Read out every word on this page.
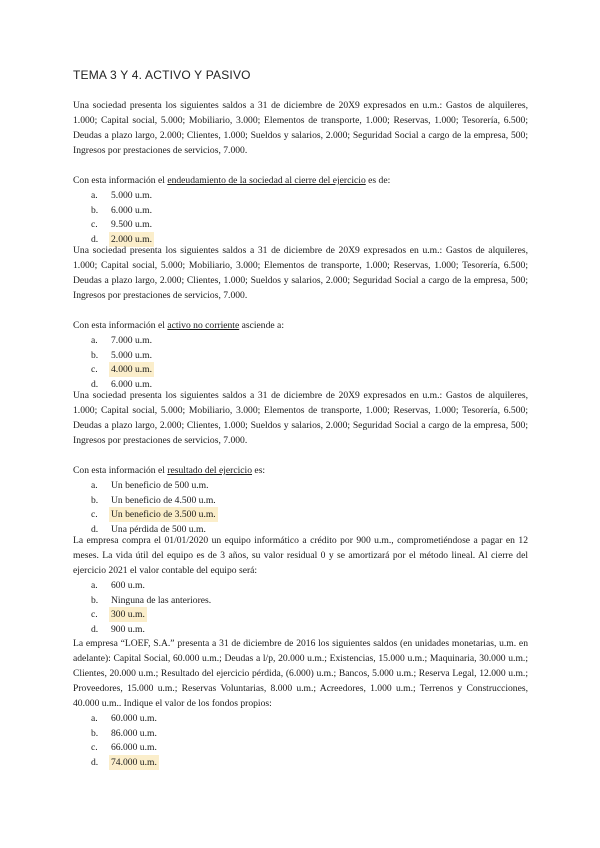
TEMA 3 Y 4. ACTIVO Y PASIVO

Una sociedad presenta los siguientes saldos a 31 de diciembre de 20X9 expresados en u.m.: Gastos de alquileres, 1.000; Capital social, 5.000; Mobiliario, 3.000; Elementos de transporte, 1.000; Reservas, 1.000; Tesorería, 6.500; Deudas a plazo largo, 2.000; Clientes, 1.000; Sueldos y salarios, 2.000; Seguridad Social a cargo de la empresa, 500; Ingresos por prestaciones de servicios, 7.000.

Con esta información el endeudamiento de la sociedad al cierre del ejercicio es de:

a. 5.000 u.m.
b. 6.000 u.m.
c. 9.500 u.m.
d. 2.000 u.m.

Una sociedad presenta los siguientes saldos a 31 de diciembre de 20X9 expresados en u.m.: Gastos de alquileres, 1.000; Capital social, 5.000; Mobiliario, 3.000; Elementos de transporte, 1.000; Reservas, 1.000; Tesorería, 6.500; Deudas a plazo largo, 2.000; Clientes, 1.000; Sueldos y salarios, 2.000; Seguridad Social a cargo de la empresa, 500; Ingresos por prestaciones de servicios, 7.000.

Con esta información el activo no corriente asciende a:

a. 7.000 u.m.
b. 5.000 u.m.
c. 4.000 u.m.
d. 6.000 u.m.

Una sociedad presenta los siguientes saldos a 31 de diciembre de 20X9 expresados en u.m.: Gastos de alquileres, 1.000; Capital social, 5.000; Mobiliario, 3.000; Elementos de transporte, 1.000; Reservas, 1.000; Tesorería, 6.500; Deudas a plazo largo, 2.000; Clientes, 1.000; Sueldos y salarios, 2.000; Seguridad Social a cargo de la empresa, 500; Ingresos por prestaciones de servicios, 7.000.

Con esta información el resultado del ejercicio es:

a. Un beneficio de 500 u.m.
b. Un beneficio de 4.500 u.m.
c. Un beneficio de 3.500 u.m.
d. Una pérdida de 500 u.m.

La empresa compra el 01/01/2020 un equipo informático a crédito por 900 u.m., comprometiéndose a pagar en 12 meses. La vida útil del equipo es de 3 años, su valor residual 0 y se amortizará por el método lineal. Al cierre del ejercicio 2021 el valor contable del equipo será:

a. 600 u.m.
b. Ninguna de las anteriores.
c. 300 u.m.
d. 900 u.m.

La empresa “LOEF, S.A.” presenta a 31 de diciembre de 2016 los siguientes saldos (en unidades monetarias, u.m. en adelante): Capital Social, 60.000 u.m.; Deudas a l/p, 20.000 u.m.; Existencias, 15.000 u.m.; Maquinaria, 30.000 u.m.; Clientes, 20.000 u.m.; Resultado del ejercicio pérdida, (6.000) u.m.; Bancos, 5.000 u.m.; Reserva Legal, 12.000 u.m.; Proveedores, 15.000 u.m.; Reservas Voluntarias, 8.000 u.m.; Acreedores, 1.000 u.m.; Terrenos y Construcciones, 40.000 u.m.. Indique el valor de los fondos propios:

a. 60.000 u.m.
b. 86.000 u.m.
c. 66.000 u.m.
d. 74.000 u.m.
